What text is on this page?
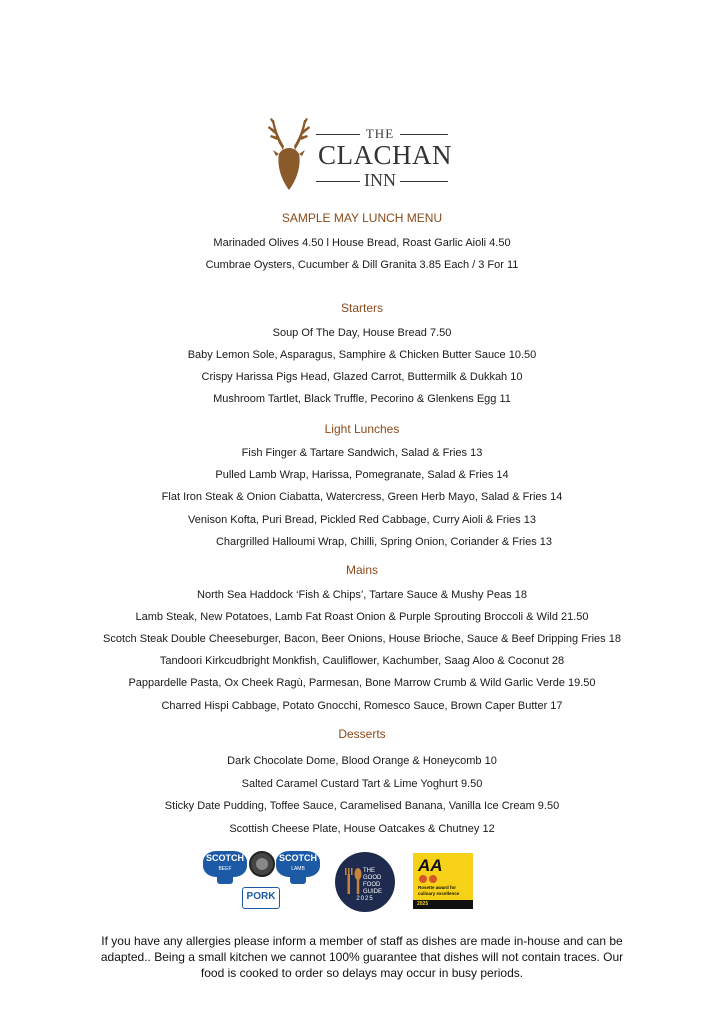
THE
CLACHAN
INN
SAMPLE MAY LUNCH MENU
Marinaded Olives 4.50 l House Bread, Roast Garlic Aioli 4.50
Cumbrae Oysters, Cucumber & Dill Granita 3.85 Each / 3 For 11
Starters
Soup Of The Day, House Bread 7.50
Baby Lemon Sole, Asparagus, Samphire & Chicken Butter Sauce 10.50
Crispy Harissa Pigs Head, Glazed Carrot, Buttermilk & Dukkah 10
Mushroom Tartlet, Black Truffle, Pecorino & Glenkens Egg 11
Light Lunches
Fish Finger & Tartare Sandwich, Salad & Fries 13
Pulled Lamb Wrap, Harissa, Pomegranate, Salad & Fries 14
Flat Iron Steak & Onion Ciabatta, Watercress, Green Herb Mayo, Salad & Fries 14
Venison Kofta, Puri Bread, Pickled Red Cabbage, Curry Aioli & Fries 13
Chargrilled Halloumi Wrap, Chilli, Spring Onion, Coriander & Fries 13
Mains
North Sea Haddock ‘Fish & Chips’, Tartare Sauce & Mushy Peas 18
Lamb Steak, New Potatoes, Lamb Fat Roast Onion & Purple Sprouting Broccoli & Wild 21.50
Scotch Steak Double Cheeseburger, Bacon, Beer Onions, House Brioche, Sauce & Beef Dripping Fries 18
Tandoori Kirkcudbright Monkfish, Cauliflower, Kachumber, Saag Aloo & Coconut 28
Pappardelle Pasta, Ox Cheek Ragù, Parmesan, Bone Marrow Crumb & Wild Garlic Verde 19.50
Charred Hispi Cabbage, Potato Gnocchi, Romesco Sauce, Brown Caper Butter 17
Desserts
Dark Chocolate Dome, Blood Orange & Honeycomb 10
Salted Caramel Custard Tart & Lime Yoghurt 9.50
Sticky Date Pudding, Toffee Sauce, Caramelised Banana, Vanilla Ice Cream 9.50
Scottish Cheese Plate, House Oatcakes & Chutney 12
SCOTCH
BEEF
SCOTCH
LAMB
PORK
THE GOOD FOOD GUIDE
2025
AA
Rosette award for culinary excellence
2025
If you have any allergies please inform a member of staff as dishes are made in-house and can be adapted.. Being a small kitchen we cannot 100% guarantee that dishes will not contain traces. Our food is cooked to order so delays may occur in busy periods.
